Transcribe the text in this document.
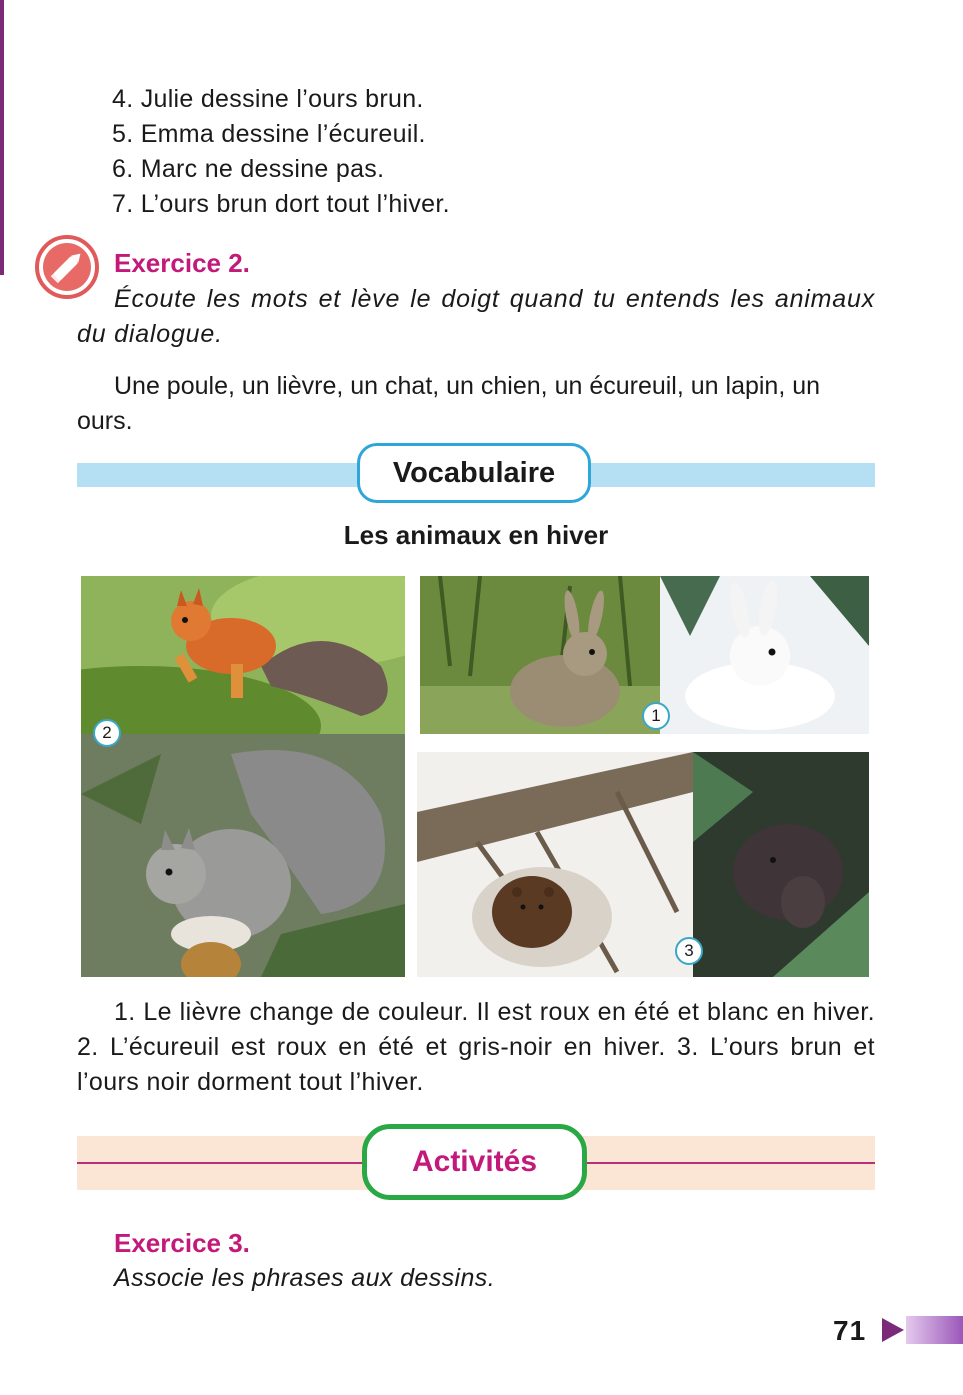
4. Julie dessine l’ours brun.
5. Emma dessine l’écureuil.
6. Marc ne dessine pas.
7. L’ours brun dort tout l’hiver.
Exercice 2.
Écoute les mots et lève le doigt quand tu entends les animaux du dialogue.
Une poule, un lièvre, un chat, un chien, un écureuil, un lapin, un ours.
Vocabulaire
Les animaux en hiver
2
1
3
1. Le lièvre change de couleur. Il est roux en été et blanc en hiver. 2. L’écureuil est roux en été et gris-noir en hiver. 3. L’ours brun et l’ours noir dorment tout l’hiver.
Activités
Exercice 3.
Associe les phrases aux dessins.
71
